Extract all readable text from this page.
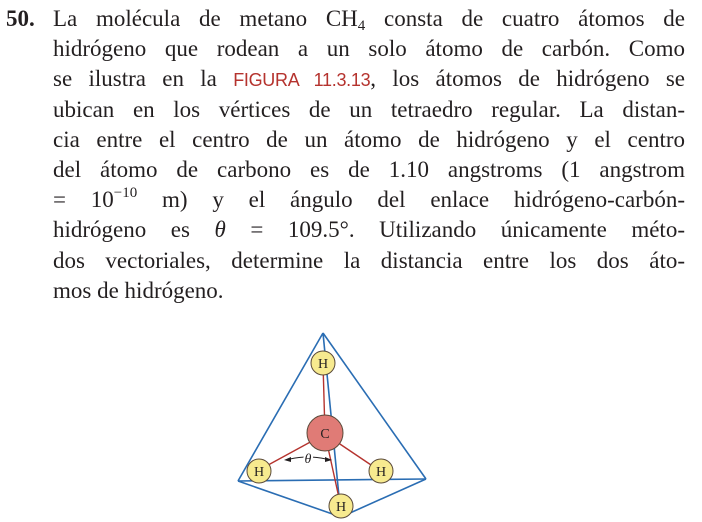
50. La molécula de metano $CH_4$ consta de cuatro átomos de
hidrógeno que rodean a un solo átomo de carbón. Como
se ilustra en la FIGURA 11.3.13, los átomos de hidrógeno se
ubican en los vértices de un tetraedro regular. La distan-
cia entre el centro de un átomo de hidrógeno y el centro
del átomo de carbono es de 1.10 angstroms (1 angstrom
= $10^{-10}$ m) y el ángulo del enlace hidrógeno-carbón-
hidrógeno es θ = 109.5°. Utilizando únicamente méto-
dos vectoriales, determine la distancia entre los dos áto-
mos de hidrógeno.
θ
H
H	H
H
C
